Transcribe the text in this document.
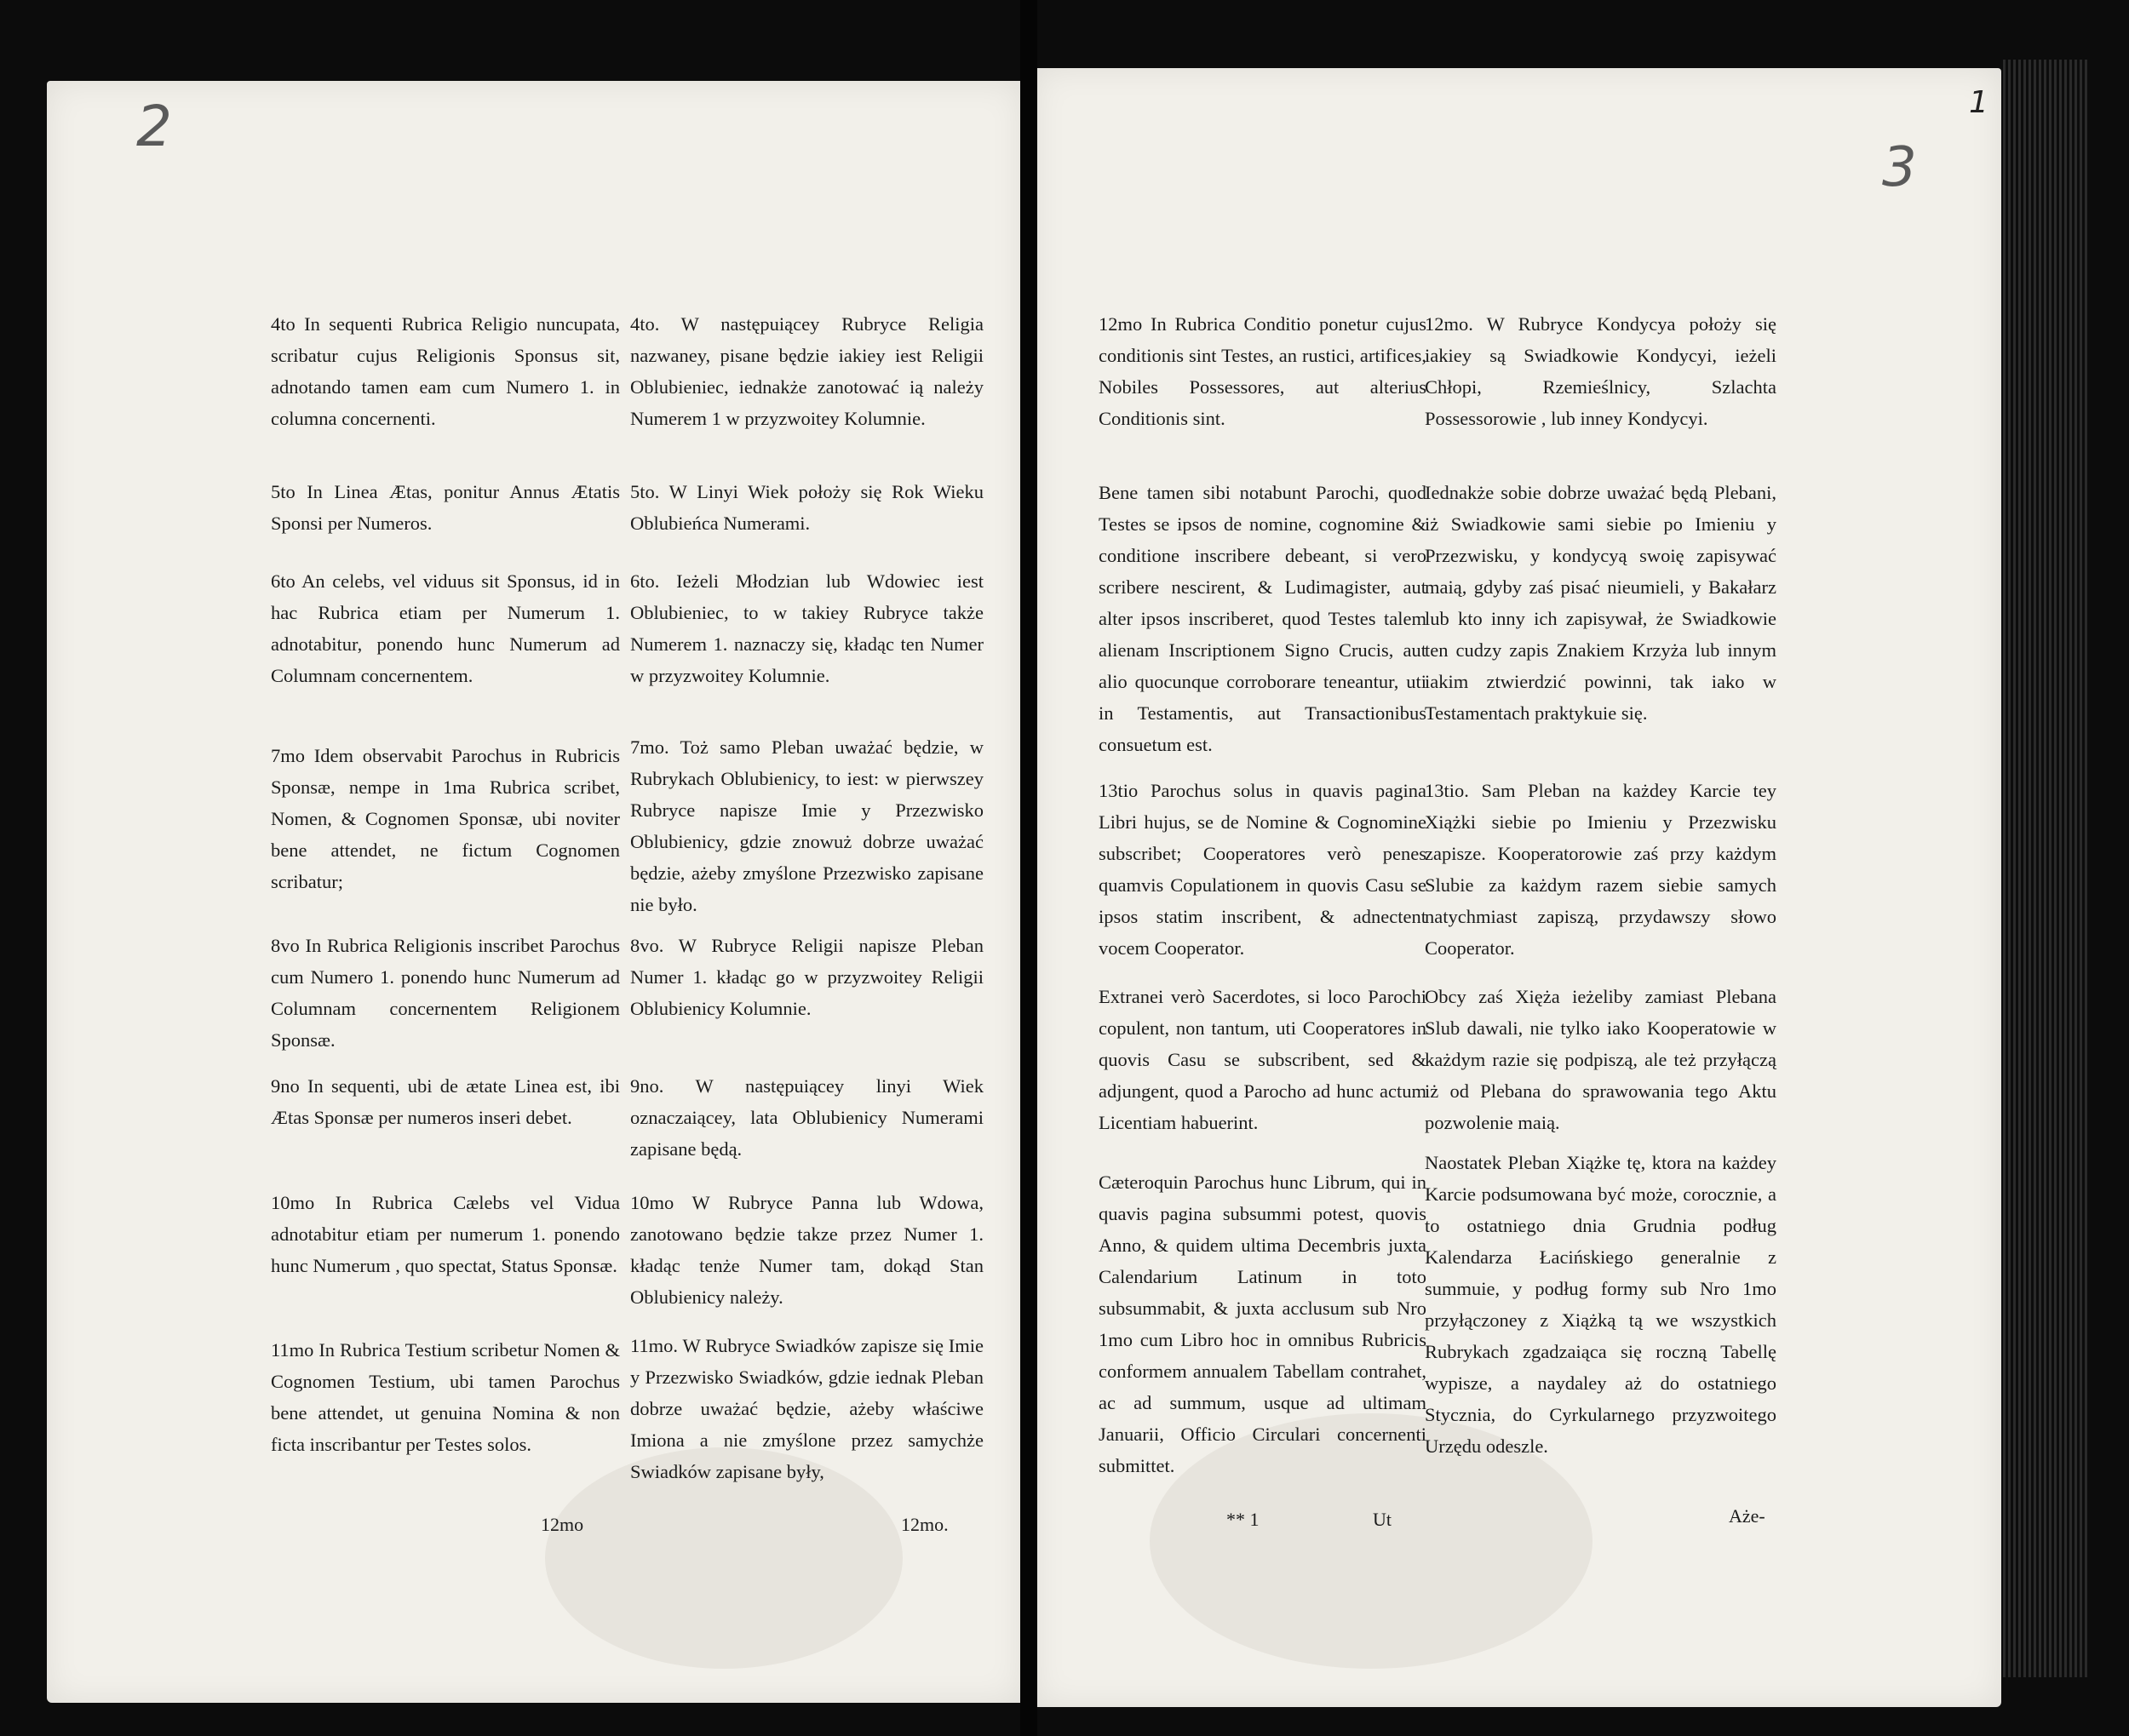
2
3
1

4to In sequenti Rubrica Religio nuncupata, scribatur cujus Religionis Sponsus sit, adnotando tamen eam cum Numero 1. in columna concernenti.

5to In Linea Ætas, ponitur Annus Ætatis Sponsi per Numeros.

6to An celebs, vel viduus sit Sponsus, id in hac Rubrica etiam per Numerum 1. adnotabitur, ponendo hunc Numerum ad Columnam concernentem.

7mo Idem observabit Parochus in Rubricis Sponsæ, nempe in 1ma Rubrica scribet, Nomen, & Cognomen Sponsæ, ubi noviter bene attendet, ne fictum Cognomen scribatur;

8vo In Rubrica Religionis inscribet Parochus cum Numero 1. ponendo hunc Numerum ad Columnam concernentem Religionem Sponsæ.

9no In sequenti, ubi de ætate Linea est, ibi Ætas Sponsæ per numeros inseri debet.

10mo In Rubrica Cælebs vel Vidua adnotabitur etiam per numerum 1. ponendo hunc Numerum , quo spectat, Status Sponsæ.

11mo In Rubrica Testium scribetur Nomen & Cognomen Testium, ubi tamen Parochus bene attendet, ut genuina Nomina & non ficta inscribantur per Testes solos.

4to. W następuiącey Rubryce Religia nazwaney, pisane będzie iakiey iest Religii Oblubieniec, iednakże zanotować ią należy Numerem 1 w przyzwoitey Kolumnie.

5to. W Linyi Wiek położy się Rok Wieku Oblubieńca Numerami.

6to. Ieżeli Młodzian lub Wdowiec iest Oblubieniec, to w takiey Rubryce także Numerem 1. naznaczy się, kładąc ten Numer w przyzwoitey Kolumnie.

7mo. Toż samo Pleban uważać będzie, w Rubrykach Oblubienicy, to iest: w pierwszey Rubryce napisze Imie y Przezwisko Oblubienicy, gdzie znowuż dobrze uważać będzie, ażeby zmyślone Przezwisko zapisane nie było.

8vo. W Rubryce Religii napisze Pleban Numer 1. kładąc go w przyzwoitey Religii Oblubienicy Kolumnie.

9no. W następuiącey linyi Wiek oznaczaiącey, lata Oblubienicy Numerami zapisane będą.

10mo W Rubryce Panna lub Wdowa, zanotowano będzie takze przez Numer 1. kładąc tenże Numer tam, dokąd Stan Oblubienicy należy.

11mo. W Rubryce Swiadków zapisze się Imie y Przezwisko Swiadków, gdzie iednak Pleban dobrze uważać będzie, ażeby właściwe Imiona a nie zmyślone przez samychże Swiadków zapisane były,

12mo In Rubrica Conditio ponetur cujus conditionis sint Testes, an rustici, artifices, Nobiles Possessores, aut alterius Conditionis sint.

Bene tamen sibi notabunt Parochi, quod Testes se ipsos de nomine, cognomine & conditione inscribere debeant, si vero scribere nescirent, & Ludimagister, aut alter ipsos inscriberet, quod Testes talem alienam Inscriptionem Signo Crucis, aut alio quocunque corroborare teneantur, uti in Testamentis, aut Transactionibus consuetum est.

13tio Parochus solus in quavis pagina Libri hujus, se de Nomine & Cognomine subscribet; Cooperatores verò penes quamvis Copulationem in quovis Casu se ipsos statim inscribent, & adnectent vocem Cooperator.

Extranei verò Sacerdotes, si loco Parochi copulent, non tantum, uti Cooperatores in quovis Casu se subscribent, sed & adjungent, quod a Parocho ad hunc actum Licentiam habuerint.

Cæteroquin Parochus hunc Librum, qui in quavis pagina subsummi potest, quovis Anno, & quidem ultima Decembris juxta Calendarium Latinum in toto subsummabit, & juxta acclusum sub Nro 1mo cum Libro hoc in omnibus Rubricis conformem annualem Tabellam contrahet, ac ad summum, usque ad ultimam Januarii, Officio Circulari concernenti submittet.

12mo. W Rubryce Kondycya położy się iakiey są Swiadkowie Kondycyi, ieżeli Chłopi, Rzemieślnicy, Szlachta Possessorowie , lub inney Kondycyi.

Iednakże sobie dobrze uważać będą Plebani, iż Swiadkowie sami siebie po Imieniu y Przezwisku, y kondycyą swoię zapisywać maią, gdyby zaś pisać nieumieli, y Bakałarz lub kto inny ich zapisywał, że Swiadkowie ten cudzy zapis Znakiem Krzyża lub innym iakim ztwierdzić powinni, tak iako w Testamentach praktykuie się.

13tio. Sam Pleban na każdey Karcie tey Xiążki siebie po Imieniu y Przezwisku zapisze. Kooperatorowie zaś przy każdym Slubie za każdym razem siebie samych natychmiast zapiszą, przydawszy słowo Cooperator.

Obcy zaś Xięża ieżeliby zamiast Plebana Slub dawali, nie tylko iako Kooperatowie w każdym razie się podpiszą, ale też przyłączą iż od Plebana do sprawowania tego Aktu pozwolenie maią.

Naostatek Pleban Xiążke tę, ktora na każdey Karcie podsumowana być może, corocznie, a to ostatniego dnia Grudnia podług Kalendarza Łacińskiego generalnie z summuie, y podług formy sub Nro 1mo przyłączoney z Xiążką tą we wszystkich Rubrykach zgadzaiąca się roczną Tabellę wypisze, a naydaley aż do ostatniego Stycznia, do Cyrkularnego przyzwoitego Urzędu odeszle.

12mo	12mo.	** 1	Ut	Aże-
